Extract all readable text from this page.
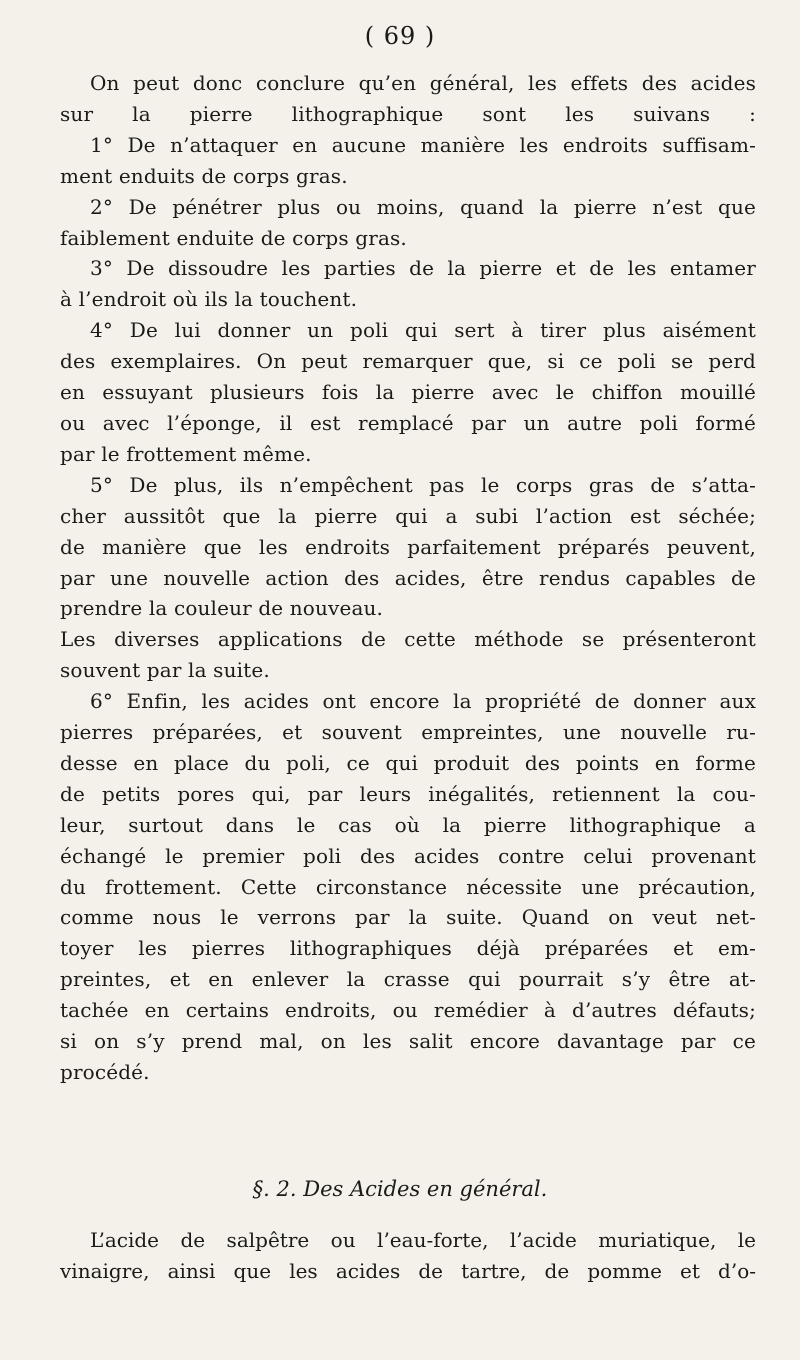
( 69 )
On peut donc conclure qu’en général, les effets des acides
sur la pierre lithographique sont les suivans :
1° De n’attaquer en aucune manière les endroits suffisam-
ment enduits de corps gras.
2° De pénétrer plus ou moins, quand la pierre n’est que
faiblement enduite de corps gras.
3° De dissoudre les parties de la pierre et de les entamer
à l’endroit où ils la touchent.
4° De lui donner un poli qui sert à tirer plus aisément
des exemplaires. On peut remarquer que, si ce poli se perd
en essuyant plusieurs fois la pierre avec le chiffon mouillé
ou avec l’éponge, il est remplacé par un autre poli formé
par le frottement même.
5° De plus, ils n’empêchent pas le corps gras de s’atta-
cher aussitôt que la pierre qui a subi l’action est séchée;
de manière que les endroits parfaitement préparés peuvent,
par une nouvelle action des acides, être rendus capables de
prendre la couleur de nouveau.
Les diverses applications de cette méthode se présenteront
souvent par la suite.
6° Enfin, les acides ont encore la propriété de donner aux
pierres préparées, et souvent empreintes, une nouvelle ru-
desse en place du poli, ce qui produit des points en forme
de petits pores qui, par leurs inégalités, retiennent la cou-
leur, surtout dans le cas où la pierre lithographique a
échangé le premier poli des acides contre celui provenant
du frottement. Cette circonstance nécessite une précaution,
comme nous le verrons par la suite. Quand on veut net-
toyer les pierres lithographiques déjà préparées et em-
preintes, et en enlever la crasse qui pourrait s’y être at-
tachée en certains endroits, ou remédier à d’autres défauts;
si on s’y prend mal, on les salit encore davantage par ce
procédé.
§. 2. Des Acides en général.
L’acide de salpêtre ou l’eau-forte, l’acide muriatique, le
vinaigre, ainsi que les acides de tartre, de pomme et d’o-
